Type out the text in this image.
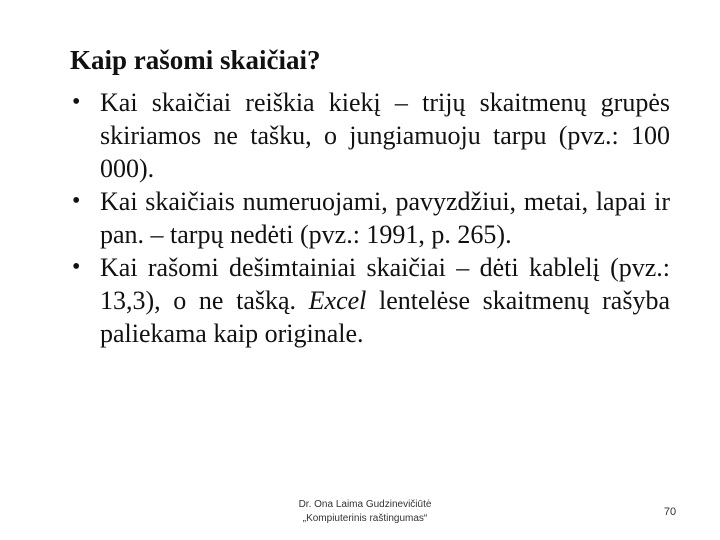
Kaip rašomi skaičiai?
• Kai skaičiai reiškia kiekį – trijų skaitmenų grupės skiriamos ne tašku, o jungiamuoju tarpu (pvz.: 100 000).
• Kai skaičiais numeruojami, pavyzdžiui, metai, lapai ir pan. – tarpų nedėti (pvz.: 1991, p. 265).
• Kai rašomi dešimtainiai skaičiai – dėti kablelį (pvz.: 13,3), o ne tašką. Excel lentelėse skaitmenų rašyba paliekama kaip originale.
Dr. Ona Laima Gudzinevičiūtė
„Kompiuterinis raštingumas“
70
